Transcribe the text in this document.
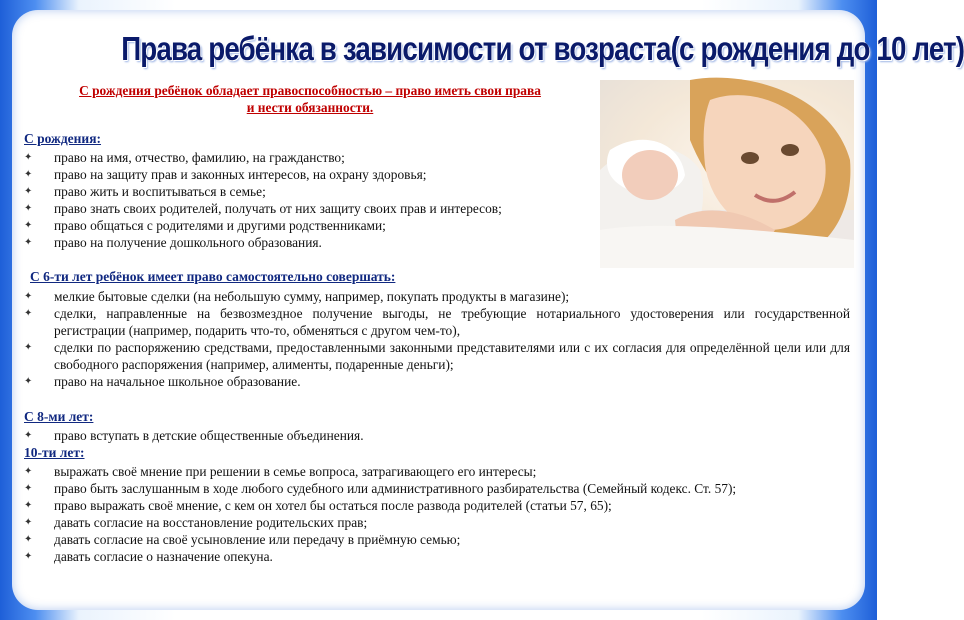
Права ребёнка в зависимости от возраста(с рождения до 10 лет)
С рождения ребёнок обладает правоспособностью – право иметь свои права
и нести обязанности.
С рождения:
✦ право на имя, отчество, фамилию, на гражданство;
✦ право на защиту прав и законных интересов, на охрану здоровья;
✦ право жить и воспитываться в семье;
✦ право знать своих родителей, получать от них защиту своих прав и интересов;
✦ право общаться с родителями и другими родственниками;
✦ право на получение дошкольного образования.
С 6-ти лет ребёнок имеет право самостоятельно совершать:
✦ мелкие бытовые сделки (на небольшую сумму, например, покупать продукты в магазине);
✦ сделки, направленные на безвозмездное получение выгоды, не требующие нотариального удостоверения или государственной регистрации (например, подарить что-то, обменяться с другом чем-то),
✦ сделки по распоряжению средствами, предоставленными законными представителями или с их согласия для определённой цели или для свободного распоряжения (например, алименты, подаренные деньги);
✦ право на начальное школьное образование.
С 8-ми лет:
✦ право вступать в детские общественные объединения.
10-ти лет:
✦ выражать своё мнение при решении в семье вопроса, затрагивающего его интересы;
✦ право быть заслушанным в ходе любого судебного или административного разбирательства (Семейный кодекс. Ст. 57);
✦ право выражать своё мнение, с кем он хотел бы остаться после развода родителей (статьи 57, 65);
✦ давать согласие на восстановление родительских прав;
✦ давать согласие на своё усыновление или передачу в приёмную семью;
✦ давать согласие о назначение опекуна.
